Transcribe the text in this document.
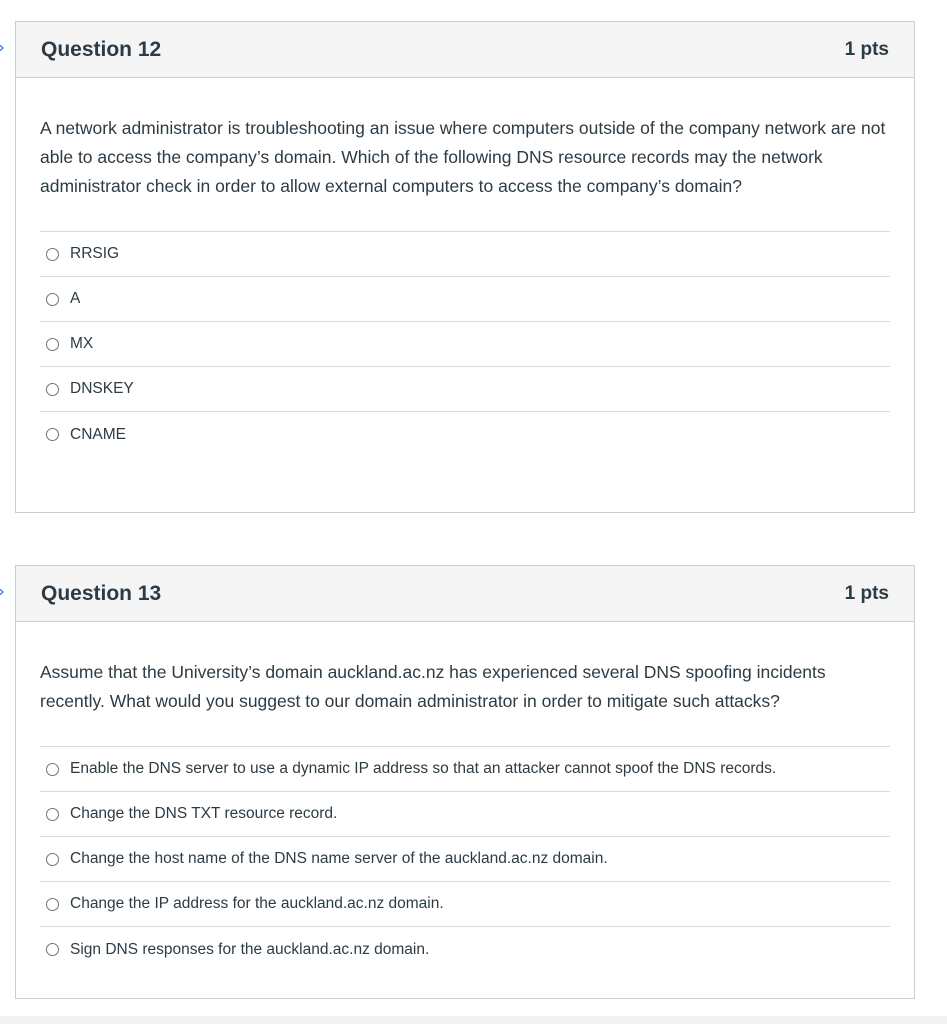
Question 12	1 pts

A network administrator is troubleshooting an issue where computers outside of the company network are not able to access the company’s domain. Which of the following DNS resource records may the network administrator check in order to allow external computers to access the company’s domain?

RRSIG
A
MX
DNSKEY
CNAME
Question 13	1 pts

Assume that the University’s domain auckland.ac.nz has experienced several DNS spoofing incidents recently. What would you suggest to our domain administrator in order to mitigate such attacks?

Enable the DNS server to use a dynamic IP address so that an attacker cannot spoof the DNS records.
Change the DNS TXT resource record.
Change the host name of the DNS name server of the auckland.ac.nz domain.
Change the IP address for the auckland.ac.nz domain.
Sign DNS responses for the auckland.ac.nz domain.
